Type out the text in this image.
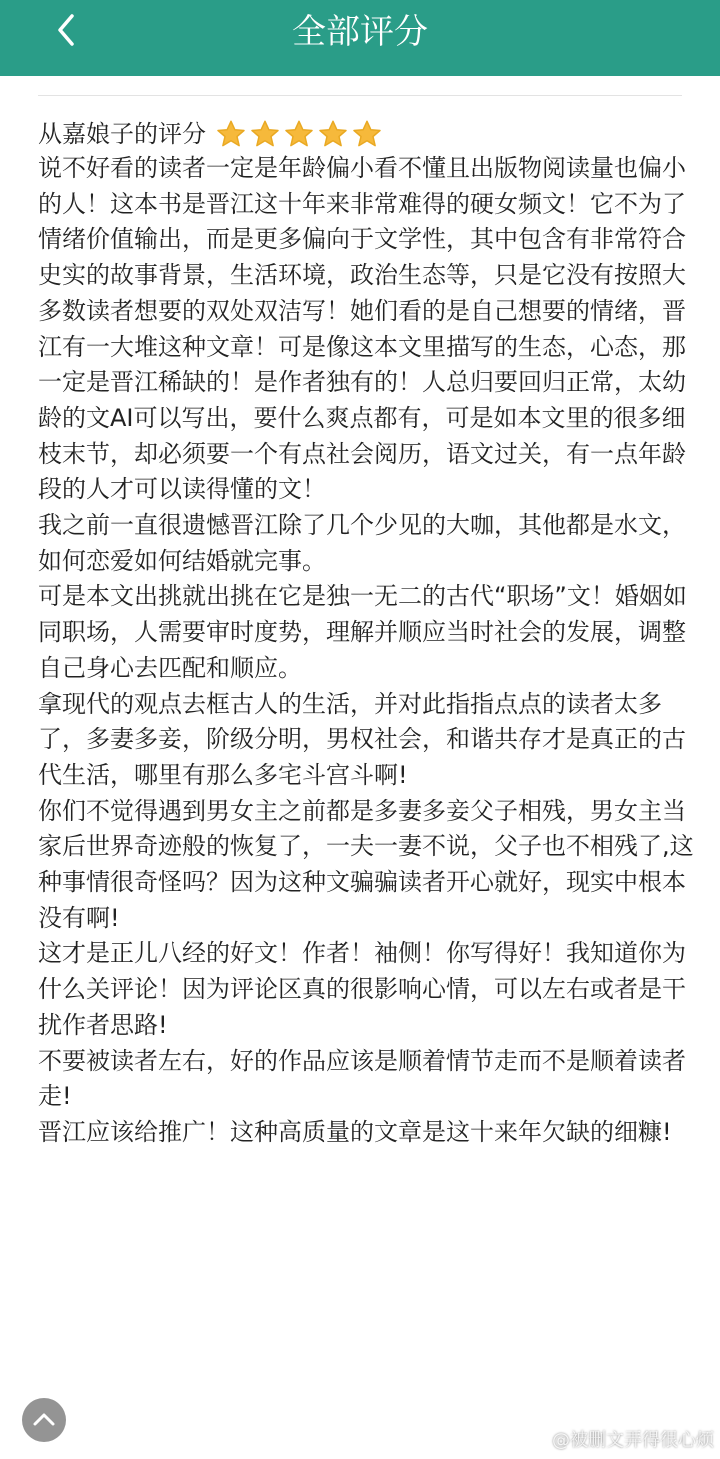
全部评分
从嘉娘子的评分
说不好看的读者一定是年龄偏小看不懂且出版物阅读量也偏小的人！这本书是晋江这十年来非常难得的硬女频文！它不为了情绪价值输出，而是更多偏向于文学性，其中包含有非常符合史实的故事背景，生活环境，政治生态等，只是它没有按照大多数读者想要的双处双洁写！她们看的是自己想要的情绪，晋江有一大堆这种文章！可是像这本文里描写的生态，心态，那一定是晋江稀缺的！是作者独有的！人总归要回归正常，太幼龄的文AI可以写出，要什么爽点都有，可是如本文里的很多细枝末节，却必须要一个有点社会阅历，语文过关，有一点年龄段的人才可以读得懂的文！
我之前一直很遗憾晋江除了几个少见的大咖，其他都是水文，如何恋爱如何结婚就完事。
可是本文出挑就出挑在它是独一无二的古代“职场”文！婚姻如同职场，人需要审时度势，理解并顺应当时社会的发展，调整自己身心去匹配和顺应。
拿现代的观点去框古人的生活，并对此指指点点的读者太多了，多妻多妾，阶级分明，男权社会，和谐共存才是真正的古代生活，哪里有那么多宅斗宫斗啊!
你们不觉得遇到男女主之前都是多妻多妾父子相残，男女主当家后世界奇迹般的恢复了，一夫一妻不说，父子也不相残了,这种事情很奇怪吗？因为这种文骗骗读者开心就好，现实中根本没有啊!
这才是正儿八经的好文！作者！袖侧！你写得好！我知道你为什么关评论！因为评论区真的很影响心情，可以左右或者是干扰作者思路!
不要被读者左右，好的作品应该是顺着情节走而不是顺着读者走!
晋江应该给推广！这种高质量的文章是这十来年欠缺的细糠!
@被删文弄得很心烦
